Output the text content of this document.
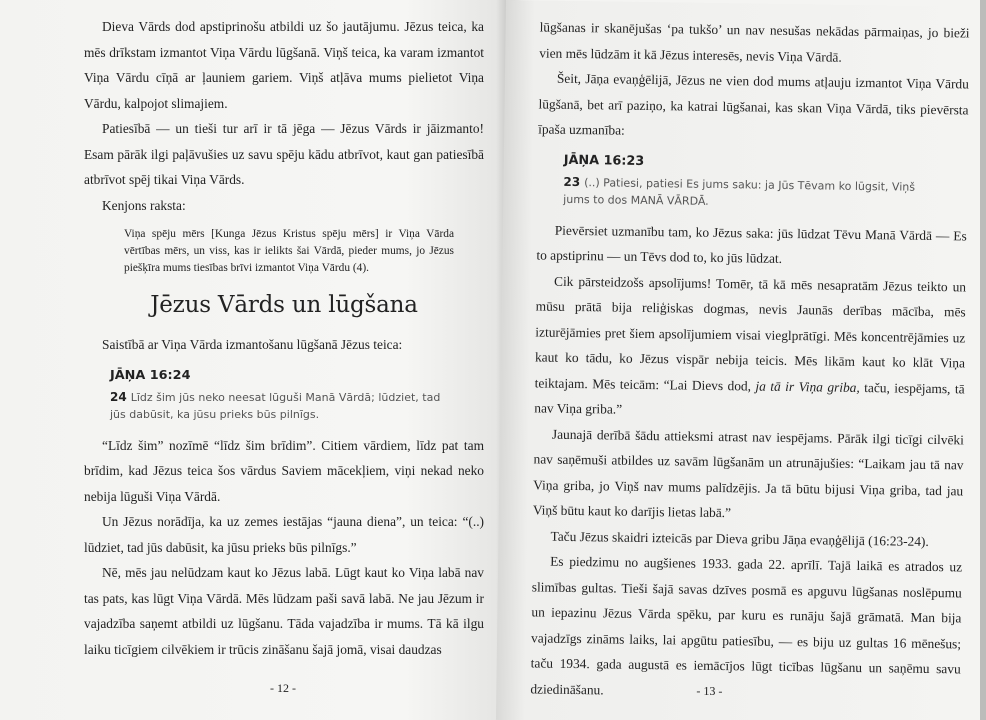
Dieva Vārds dod apstiprinošu atbildi uz šo jautājumu. Jēzus teica, ka mēs drīkstam izmantot Viņa Vārdu lūgšanā. Viņš teica, ka varam izmantot Viņa Vārdu cīņā ar ļauniem gariem. Viņš atļāva mums pielietot Viņa Vārdu, kalpojot slimajiem.

Patiesībā — un tieši tur arī ir tā jēga — Jēzus Vārds ir jāizmanto! Esam pārāk ilgi paļāvušies uz savu spēju kādu atbrīvot, kaut gan patiesībā atbrīvot spēj tikai Viņa Vārds.

Kenjons raksta:

Viņa spēju mērs [Kunga Jēzus Kristus spēju mērs] ir Viņa Vārda vērtības mērs, un viss, kas ir ielikts šai Vārdā, pieder mums, jo Jēzus piešķīra mums tiesības brīvi izmantot Viņa Vārdu (4).
Jēzus Vārds un lūgšana

Saistībā ar Viņa Vārda izmantošanu lūgšanā Jēzus teica:

JĀŅA 16:24
24 Līdz šim jūs neko neesat lūguši Manā Vārdā; lūdziet, tad jūs dabūsit, ka jūsu prieks būs pilnīgs.

“Līdz šim” nozīmē “līdz šim brīdim”. Citiem vārdiem, līdz pat tam brīdim, kad Jēzus teica šos vārdus Saviem mācekļiem, viņi nekad neko nebija lūguši Viņa Vārdā.

Un Jēzus norādīja, ka uz zemes iestājas “jauna diena”, un teica: “(..) lūdziet, tad jūs dabūsit, ka jūsu prieks būs pilnīgs.”

Nē, mēs jau nelūdzam kaut ko Jēzus labā. Lūgt kaut ko Viņa labā nav tas pats, kas lūgt Viņa Vārdā. Mēs lūdzam paši savā labā. Ne jau Jēzum ir vajadzība saņemt atbildi uz lūgšanu. Tāda vajadzība ir mums. Tā kā ilgu laiku ticīgiem cilvēkiem ir trūcis zināšanu šajā jomā, visai daudzas

- 12 -

lūgšanas ir skanējušas ‘pa tukšo’ un nav nesušas nekādas pārmaiņas, jo bieži vien mēs lūdzām it kā Jēzus interesēs, nevis Viņa Vārdā.

Šeit, Jāņa evaņģēlijā, Jēzus ne vien dod mums atļauju izmantot Viņa Vārdu lūgšanā, bet arī paziņo, ka katrai lūgšanai, kas skan Viņa Vārdā, tiks pievērsta īpaša uzmanība:

JĀŅA 16:23
23 (..) Patiesi, patiesi Es jums saku: ja Jūs Tēvam ko lūgsit, Viņš jums to dos MANĀ VĀRDĀ.

Pievērsiet uzmanību tam, ko Jēzus saka: jūs lūdzat Tēvu Manā Vārdā — Es to apstiprinu — un Tēvs dod to, ko jūs lūdzat.

Cik pārsteidzošs apsolījums! Tomēr, tā kā mēs nesapratām Jēzus teikto un mūsu prātā bija reliģiskas dogmas, nevis Jaunās derības mācība, mēs izturējāmies pret šiem apsolījumiem visai vieglprātīgi. Mēs koncentrējāmies uz kaut ko tādu, ko Jēzus vispār nebija teicis. Mēs likām kaut ko klāt Viņa teiktajam. Mēs teicām: “Lai Dievs dod, ja tā ir Viņa griba, taču, iespējams, tā nav Viņa griba.”

Jaunajā derībā šādu attieksmi atrast nav iespējams. Pārāk ilgi ticīgi cilvēki nav saņēmuši atbildes uz savām lūgšanām un atrunājušies: “Laikam jau tā nav Viņa griba, jo Viņš nav mums palīdzējis. Ja tā būtu bijusi Viņa griba, tad jau Viņš būtu kaut ko darījis lietas labā.”

Taču Jēzus skaidri izteicās par Dieva gribu Jāņa evaņģēlijā (16:23-24).

Es piedzimu no augšienes 1933. gada 22. aprīlī. Tajā laikā es atrados uz slimības gultas. Tieši šajā savas dzīves posmā es apguvu lūgšanas noslēpumu un iepazinu Jēzus Vārda spēku, par kuru es runāju šajā grāmatā. Man bija vajadzīgs zināms laiks, lai apgūtu patiesību, — es biju uz gultas 16 mēnešus; taču 1934. gada augustā es iemācījos lūgt ticības lūgšanu un saņēmu savu dziedināšanu.	- 13 -
